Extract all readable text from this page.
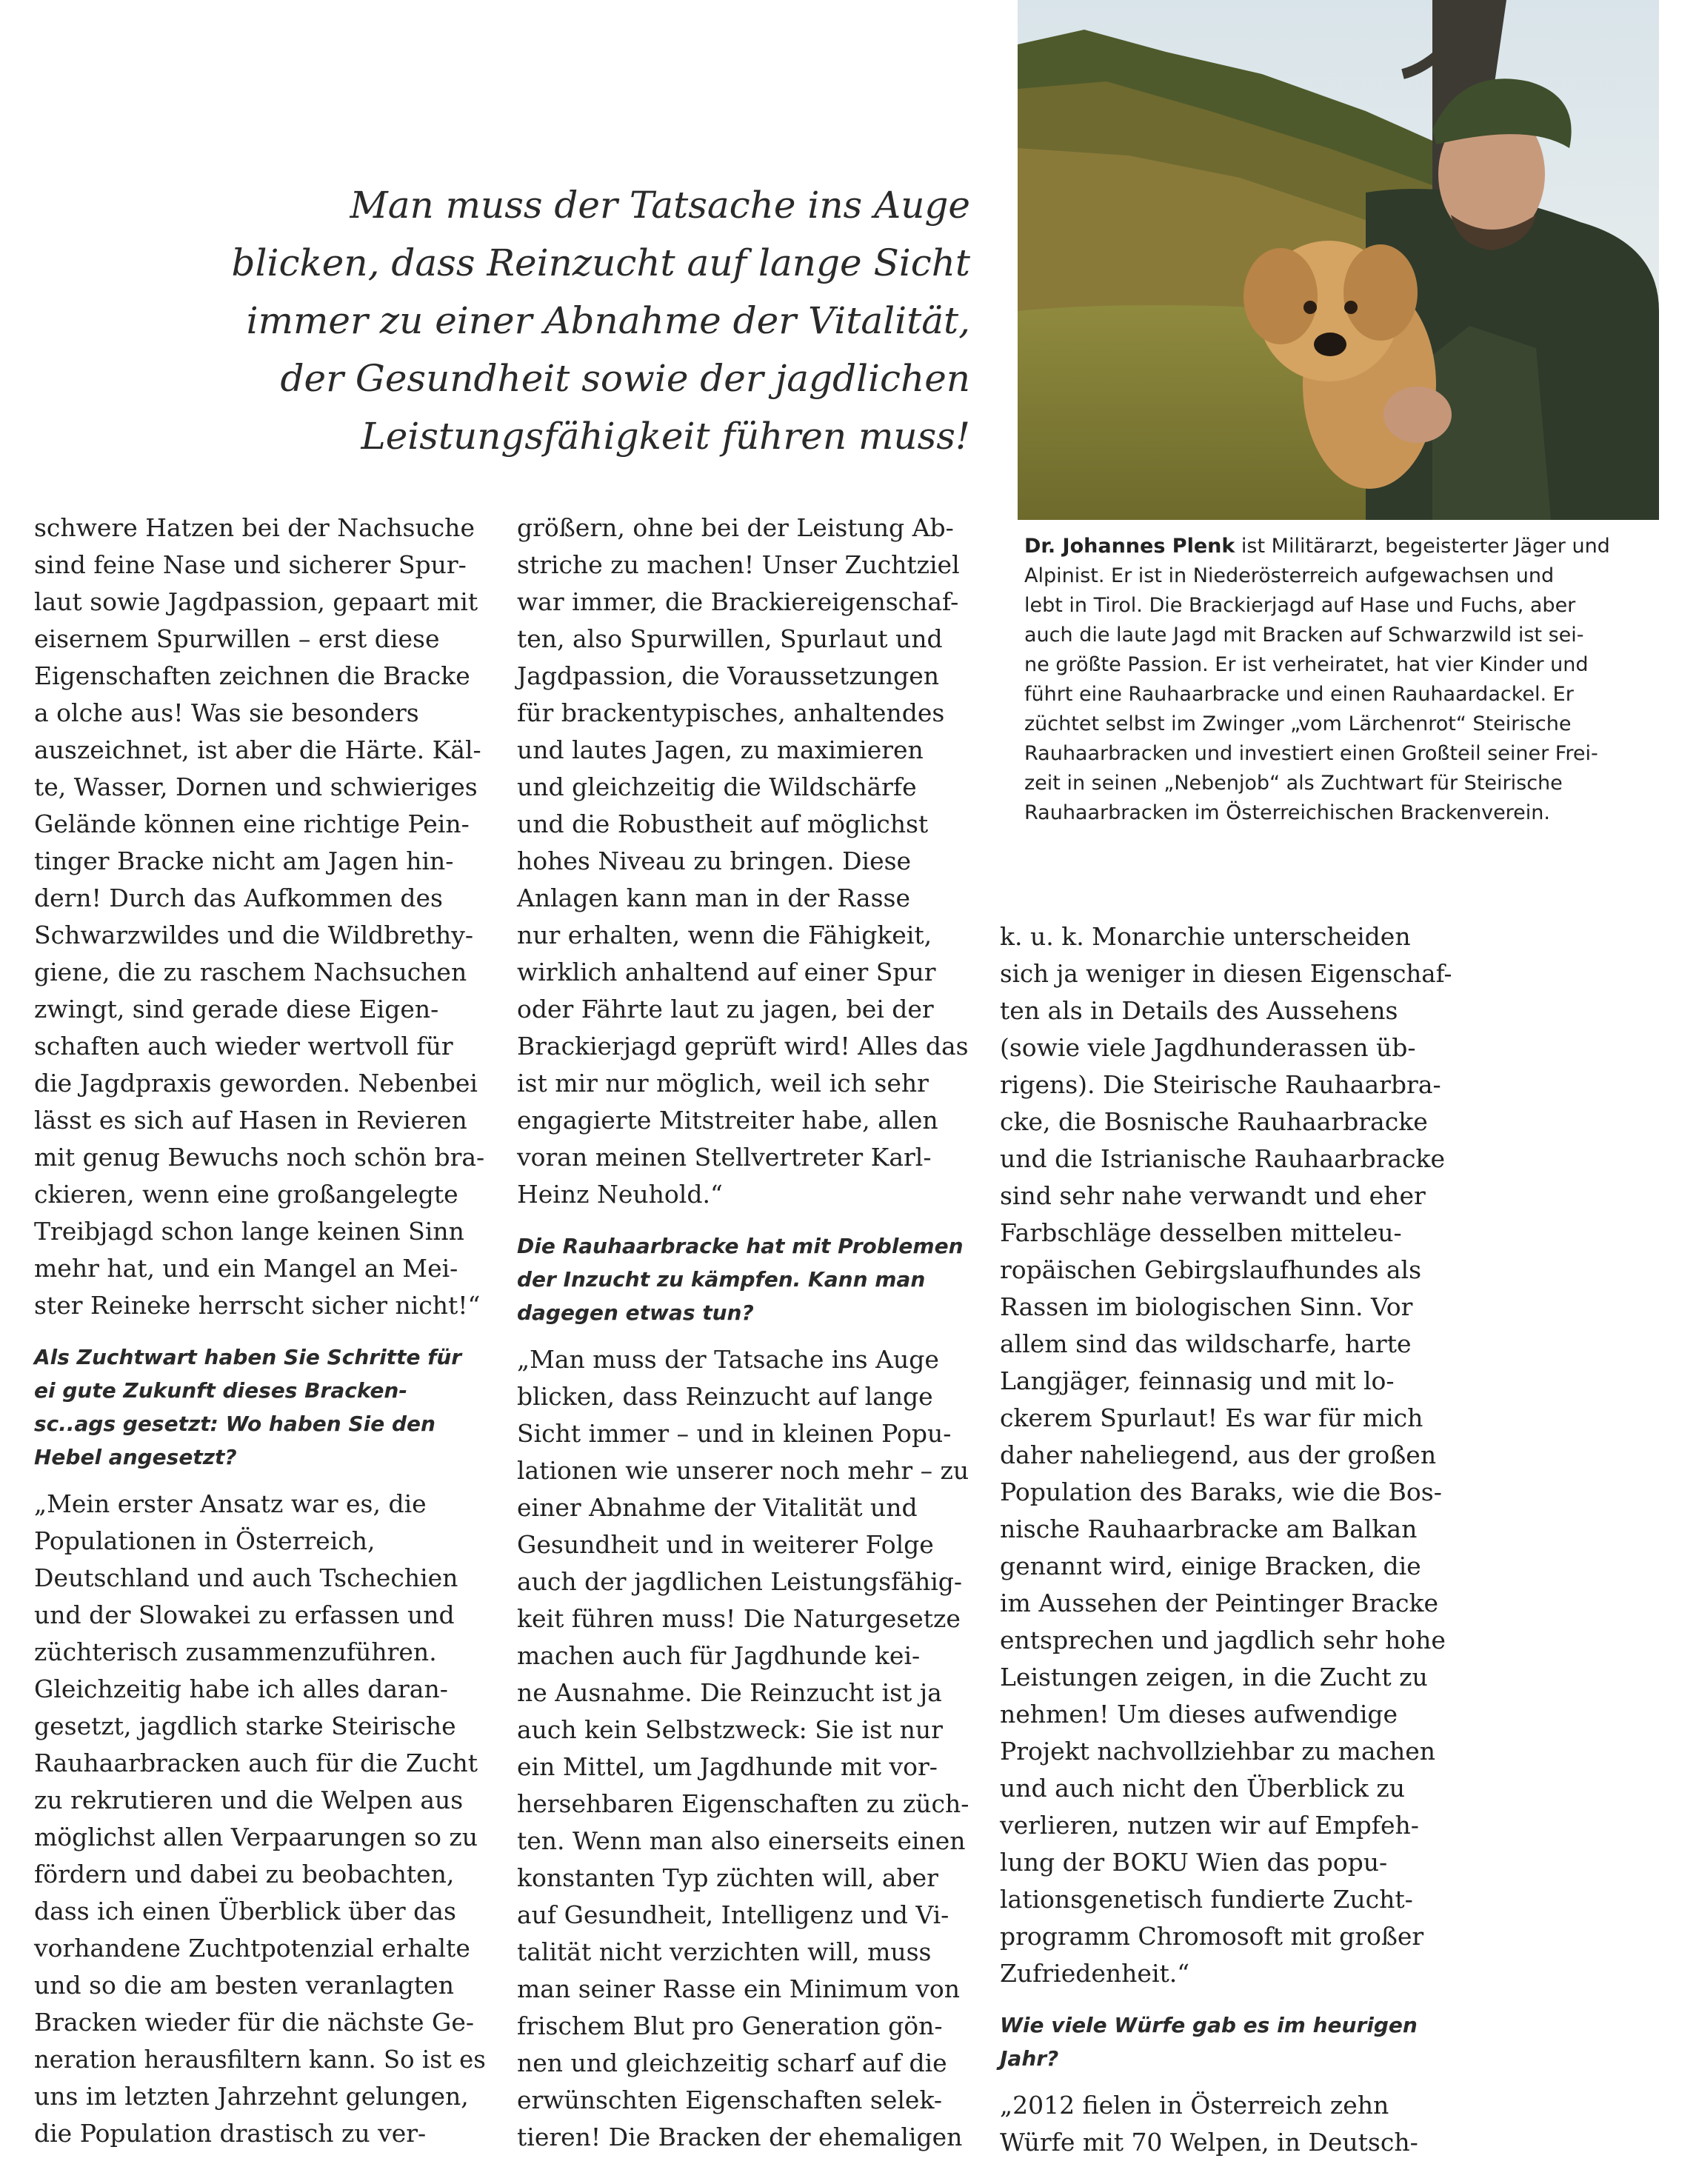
Man muss der Tatsache ins Auge
blicken, dass Reinzucht auf lange Sicht
immer zu einer Abnahme der Vitalität,
der Gesundheit sowie der jagdlichen
Leistungsfähigkeit führen muss!
Dr. Johannes Plenk ist Militärarzt, begeisterter Jäger und
Alpinist. Er ist in Niederösterreich aufgewachsen und
lebt in Tirol. Die Brackierjagd auf Hase und Fuchs, aber
auch die laute Jagd mit Bracken auf Schwarzwild ist sei-
ne größte Passion. Er ist verheiratet, hat vier Kinder und
führt eine Rauhaarbracke und einen Rauhaardackel. Er
züchtet selbst im Zwinger „vom Lärchenrot“ Steirische
Rauhaarbracken und investiert einen Großteil seiner Frei-
zeit in seinen „Nebenjob“ als Zuchtwart für Steirische
Rauhaarbracken im Österreichischen Brackenverein.
schwere Hatzen bei der Nachsuche
sind feine Nase und sicherer Spur-
laut sowie Jagdpassion, gepaart mit
eisernem Spurwillen – erst diese
Eigenschaften zeichnen die Bracke
a olche aus! Was sie besonders
auszeichnet, ist aber die Härte. Käl-
te, Wasser, Dornen und schwieriges
Gelände können eine richtige Pein-
tinger Bracke nicht am Jagen hin-
dern! Durch das Aufkommen des
Schwarzwildes und die Wildbrethy-
giene, die zu raschem Nachsuchen
zwingt, sind gerade diese Eigen-
schaften auch wieder wertvoll für
die Jagdpraxis geworden. Nebenbei
lässt es sich auf Hasen in Revieren
mit genug Bewuchs noch schön bra-
ckieren, wenn eine großangelegte
Treibjagd schon lange keinen Sinn
mehr hat, und ein Mangel an Mei-
ster Reineke herrscht sicher nicht!“
Als Zuchtwart haben Sie Schritte für
ei gute Zukunft dieses Bracken-
sc..ags gesetzt: Wo haben Sie den
Hebel angesetzt?
„Mein erster Ansatz war es, die
Populationen in Österreich,
Deutschland und auch Tschechien
und der Slowakei zu erfassen und
züchterisch zusammenzuführen.
Gleichzeitig habe ich alles daran-
gesetzt, jagdlich starke Steirische
Rauhaarbracken auch für die Zucht
zu rekrutieren und die Welpen aus
möglichst allen Verpaarungen so zu
fördern und dabei zu beobachten,
dass ich einen Überblick über das
vorhandene Zuchtpotenzial erhalte
und so die am besten veranlagten
Bracken wieder für die nächste Ge-
neration herausfiltern kann. So ist es
uns im letzten Jahrzehnt gelungen,
die Population drastisch zu ver-
größern, ohne bei der Leistung Ab-
striche zu machen! Unser Zuchtziel
war immer, die Brackiereigenschaf-
ten, also Spurwillen, Spurlaut und
Jagdpassion, die Voraussetzungen
für brackentypisches, anhaltendes
und lautes Jagen, zu maximieren
und gleichzeitig die Wildschärfe
und die Robustheit auf möglichst
hohes Niveau zu bringen. Diese
Anlagen kann man in der Rasse
nur erhalten, wenn die Fähigkeit,
wirklich anhaltend auf einer Spur
oder Fährte laut zu jagen, bei der
Brackierjagd geprüft wird! Alles das
ist mir nur möglich, weil ich sehr
engagierte Mitstreiter habe, allen
voran meinen Stellvertreter Karl-
Heinz Neuhold.“
Die Rauhaarbracke hat mit Problemen
der Inzucht zu kämpfen. Kann man
dagegen etwas tun?
„Man muss der Tatsache ins Auge
blicken, dass Reinzucht auf lange
Sicht immer – und in kleinen Popu-
lationen wie unserer noch mehr – zu
einer Abnahme der Vitalität und
Gesundheit und in weiterer Folge
auch der jagdlichen Leistungsfähig-
keit führen muss! Die Naturgesetze
machen auch für Jagdhunde kei-
ne Ausnahme. Die Reinzucht ist ja
auch kein Selbstzweck: Sie ist nur
ein Mittel, um Jagdhunde mit vor-
hersehbaren Eigenschaften zu züch-
ten. Wenn man also einerseits einen
konstanten Typ züchten will, aber
auf Gesundheit, Intelligenz und Vi-
talität nicht verzichten will, muss
man seiner Rasse ein Minimum von
frischem Blut pro Generation gön-
nen und gleichzeitig scharf auf die
erwünschten Eigenschaften selek-
tieren! Die Bracken der ehemaligen
k. u. k. Monarchie unterscheiden
sich ja weniger in diesen Eigenschaf-
ten als in Details des Aussehens
(sowie viele Jagdhunderassen üb-
rigens). Die Steirische Rauhaarbra-
cke, die Bosnische Rauhaarbracke
und die Istrianische Rauhaarbracke
sind sehr nahe verwandt und eher
Farbschläge desselben mitteleu-
ropäischen Gebirgslaufhundes als
Rassen im biologischen Sinn. Vor
allem sind das wildscharfe, harte
Langjäger, feinnasig und mit lo-
ckerem Spurlaut! Es war für mich
daher naheliegend, aus der großen
Population des Baraks, wie die Bos-
nische Rauhaarbracke am Balkan
genannt wird, einige Bracken, die
im Aussehen der Peintinger Bracke
entsprechen und jagdlich sehr hohe
Leistungen zeigen, in die Zucht zu
nehmen! Um dieses aufwendige
Projekt nachvollziehbar zu machen
und auch nicht den Überblick zu
verlieren, nutzen wir auf Empfeh-
lung der BOKU Wien das popu-
lationsgenetisch fundierte Zucht-
programm Chromosoft mit großer
Zufriedenheit.“
Wie viele Würfe gab es im heurigen
Jahr?
„2012 fielen in Österreich zehn
Würfe mit 70 Welpen, in Deutsch-
